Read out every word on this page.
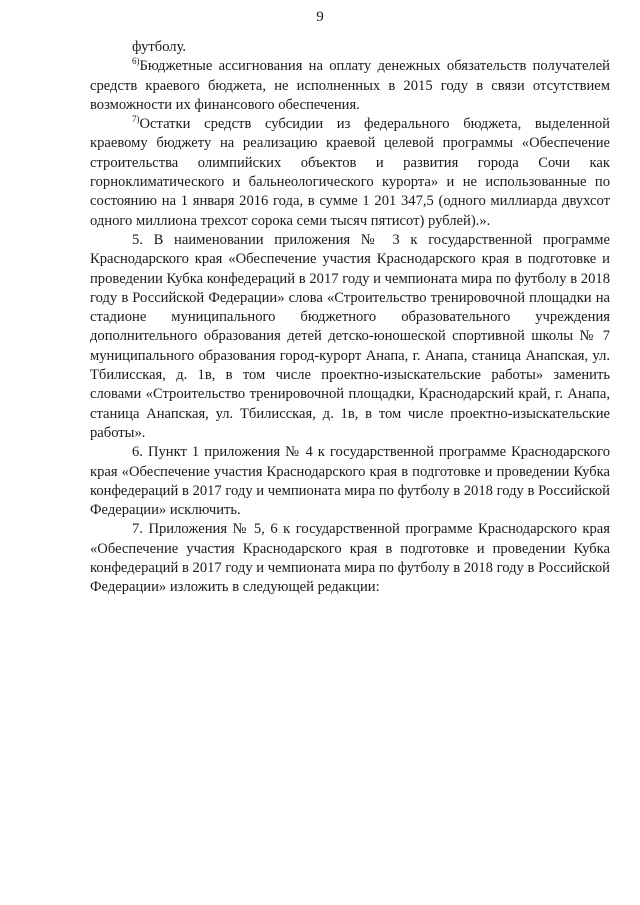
9

футболу.

$^{6)}$Бюджетные ассигнования на оплату денежных обязательств получателей средств краевого бюджета, не исполненных в 2015 году в связи отсутствием возможности их финансового обеспечения.

$^{7)}$Остатки средств субсидии из федерального бюджета, выделенной краевому бюджету на реализацию краевой целевой программы «Обеспечение строительства олимпийских объектов и развития города Сочи как горноклиматического и бальнеологического курорта» и не использованные по состоянию на 1 января 2016 года, в сумме 1 201 347,5 (одного миллиарда двухсот одного миллиона трехсот сорока семи тысяч пятисот) рублей).».

5. В наименовании приложения № 3 к государственной программе Краснодарского края «Обеспечение участия Краснодарского края в подготовке и проведении Кубка конфедераций в 2017 году и чемпионата мира по футболу в 2018 году в Российской Федерации» слова «Строительство тренировочной площадки на стадионе муниципального бюджетного образовательного учреждения дополнительного образования детей детско-юношеской спортивной школы № 7 муниципального образования город-курорт Анапа, г. Анапа, станица Анапская, ул. Тбилисская, д. 1в, в том числе проектно-изыскательские работы» заменить словами «Строительство тренировочной площадки, Краснодарский край, г. Анапа, станица Анапская, ул. Тбилисская, д. 1в, в том числе проектно-изыскательские работы».

6. Пункт 1 приложения № 4 к государственной программе Краснодарского края «Обеспечение участия Краснодарского края в подготовке и проведении Кубка конфедераций в 2017 году и чемпионата мира по футболу в 2018 году в Российской Федерации» исключить.

7. Приложения № 5, 6 к государственной программе Краснодарского края «Обеспечение участия Краснодарского края в подготовке и проведении Кубка конфедераций в 2017 году и чемпионата мира по футболу в 2018 году в Российской Федерации» изложить в следующей редакции:
